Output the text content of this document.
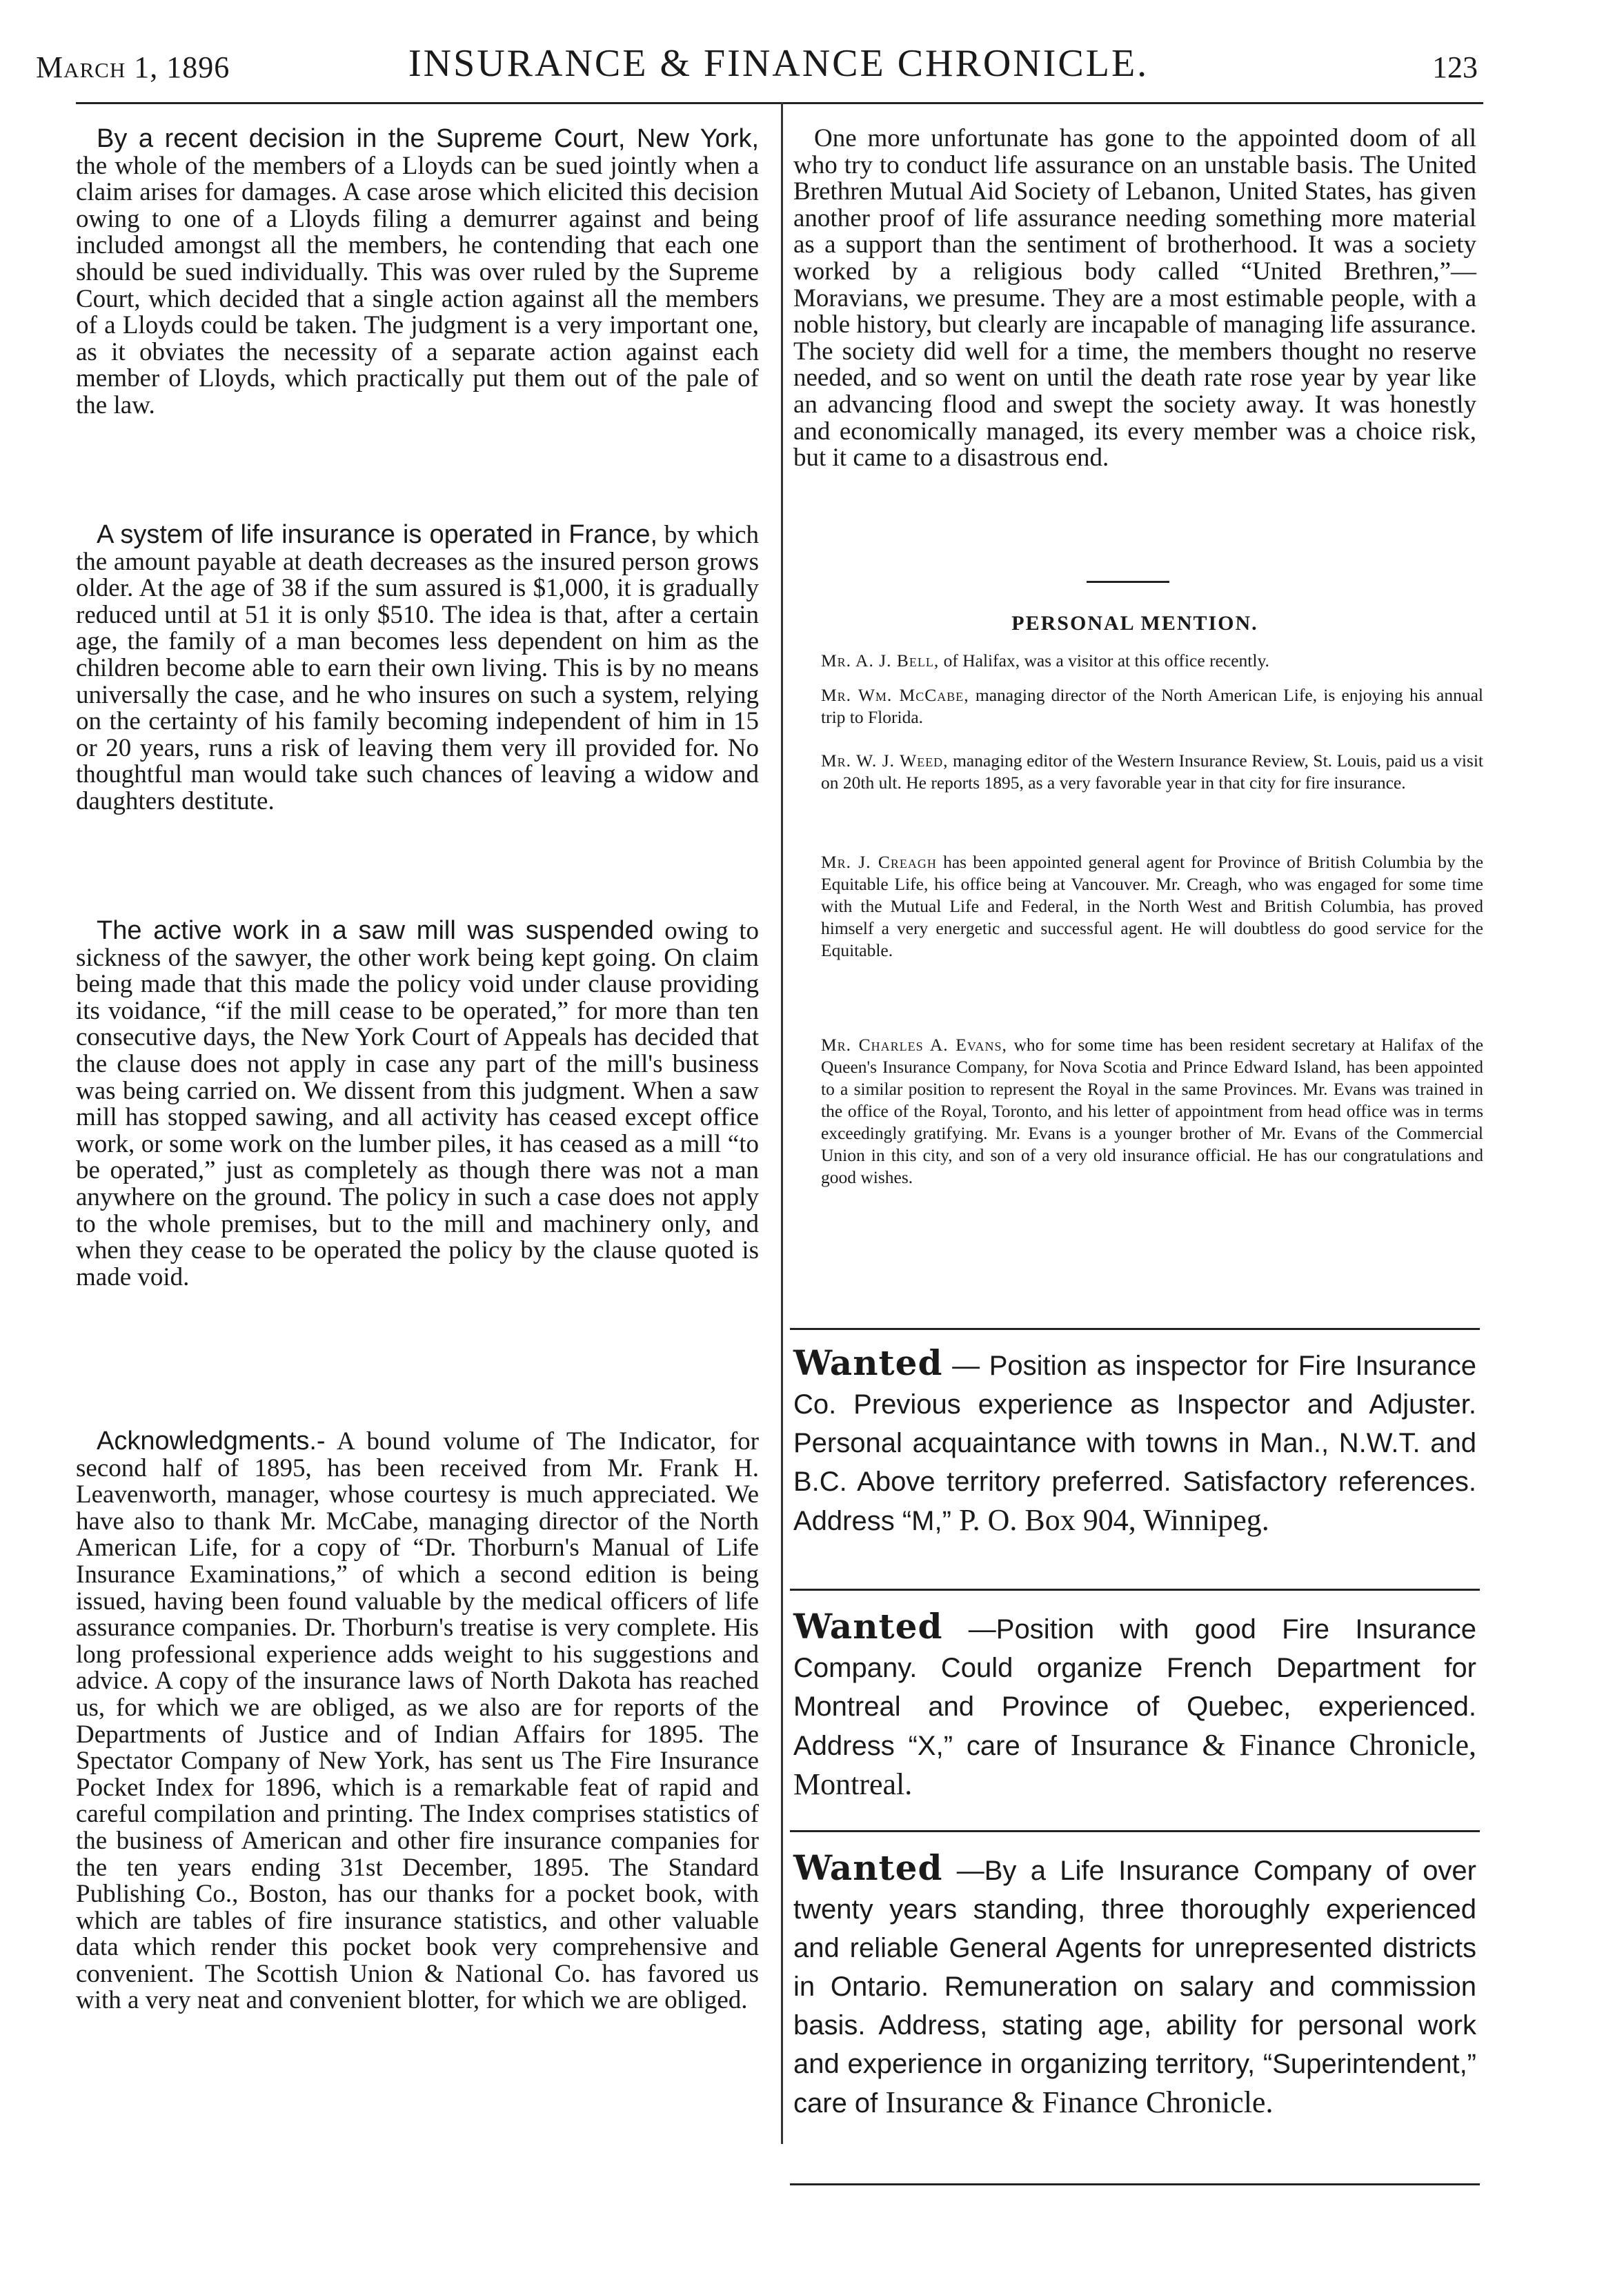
March 1, 1896	INSURANCE & FINANCE CHRONICLE.	123

By a recent decision in the Supreme Court, New York, the whole of the members of a Lloyds can be sued jointly when a claim arises for damages. A case arose which elicited this decision owing to one of a Lloyds filing a demurrer against and being included amongst all the members, he contending that each one should be sued individually. This was over ruled by the Supreme Court, which decided that a single action against all the members of a Lloyds could be taken. The judgment is a very important one, as it obviates the necessity of a separate action against each member of Lloyds, which practically put them out of the pale of the law.

A system of life insurance is operated in France, by which the amount payable at death decreases as the insured person grows older. At the age of 38 if the sum assured is $1,000, it is gradually reduced until at 51 it is only $510. The idea is that, after a certain age, the family of a man becomes less dependent on him as the children become able to earn their own living. This is by no means universally the case, and he who insures on such a system, relying on the certainty of his family becoming independent of him in 15 or 20 years, runs a risk of leaving them very ill provided for. No thoughtful man would take such chances of leaving a widow and daughters destitute.

The active work in a saw mill was suspended owing to sickness of the sawyer, the other work being kept going. On claim being made that this made the policy void under clause providing its voidance, “if the mill cease to be operated,” for more than ten consecutive days, the New York Court of Appeals has decided that the clause does not apply in case any part of the mill's business was being carried on. We dissent from this judgment. When a saw mill has stopped sawing, and all activity has ceased except office work, or some work on the lumber piles, it has ceased as a mill “to be operated,” just as completely as though there was not a man anywhere on the ground. The policy in such a case does not apply to the whole premises, but to the mill and machinery only, and when they cease to be operated the policy by the clause quoted is made void.

Acknowledgments.- A bound volume of The Indicator, for second half of 1895, has been received from Mr. Frank H. Leavenworth, manager, whose courtesy is much appreciated. We have also to thank Mr. McCabe, managing director of the North American Life, for a copy of “Dr. Thorburn's Manual of Life Insurance Examinations,” of which a second edition is being issued, having been found valuable by the medical officers of life assurance companies. Dr. Thorburn's treatise is very complete. His long professional experience adds weight to his suggestions and advice. A copy of the insurance laws of North Dakota has reached us, for which we are obliged, as we also are for reports of the Departments of Justice and of Indian Affairs for 1895. The Spectator Company of New York, has sent us The Fire Insurance Pocket Index for 1896, which is a remarkable feat of rapid and careful compilation and printing. The Index comprises statistics of the business of American and other fire insurance companies for the ten years ending 31st December, 1895. The Standard Publishing Co., Boston, has our thanks for a pocket book, with which are tables of fire insurance statistics, and other valuable data which render this pocket book very comprehensive and convenient. The Scottish Union & National Co. has favored us with a very neat and convenient blotter, for which we are obliged.

One more unfortunate has gone to the appointed doom of all who try to conduct life assurance on an unstable basis. The United Brethren Mutual Aid Society of Lebanon, United States, has given another proof of life assurance needing something more material as a support than the sentiment of brotherhood. It was a society worked by a religious body called “United Brethren,”—Moravians, we presume. They are a most estimable people, with a noble history, but clearly are incapable of managing life assurance. The society did well for a time, the members thought no reserve needed, and so went on until the death rate rose year by year like an advancing flood and swept the society away. It was honestly and economically managed, its every member was a choice risk, but it came to a disastrous end.

PERSONAL MENTION.

Mr. A. J. Bell, of Halifax, was a visitor at this office recently.

Mr. Wm. McCabe, managing director of the North American Life, is enjoying his annual trip to Florida.

Mr. W. J. Weed, managing editor of the Western Insurance Review, St. Louis, paid us a visit on 20th ult. He reports 1895, as a very favorable year in that city for fire insurance.

Mr. J. Creagh has been appointed general agent for Province of British Columbia by the Equitable Life, his office being at Vancouver. Mr. Creagh, who was engaged for some time with the Mutual Life and Federal, in the North West and British Columbia, has proved himself a very energetic and successful agent. He will doubtless do good service for the Equitable.

Mr. Charles A. Evans, who for some time has been resident secretary at Halifax of the Queen's Insurance Company, for Nova Scotia and Prince Edward Island, has been appointed to a similar position to represent the Royal in the same Provinces. Mr. Evans was trained in the office of the Royal, Toronto, and his letter of appointment from head office was in terms exceedingly gratifying. Mr. Evans is a younger brother of Mr. Evans of the Commercial Union in this city, and son of a very old insurance official. He has our congratulations and good wishes.

Wanted — Position as inspector for Fire Insurance Co. Previous experience as Inspector and Adjuster. Personal acquaintance with towns in Man., N.W.T. and B.C. Above territory preferred. Satisfactory references. Address “M,” P. O. Box 904, Winnipeg.

Wanted —Position with good Fire Insurance Company. Could organize French Department for Montreal and Province of Quebec, experienced. Address “X,” care of Insurance & Finance Chronicle, Montreal.

Wanted —By a Life Insurance Company of over twenty years standing, three thoroughly experienced and reliable General Agents for unrepresented districts in Ontario. Remuneration on salary and commission basis. Address, stating age, ability for personal work and experience in organizing territory, “Superintendent,” care of Insurance & Finance Chronicle.
